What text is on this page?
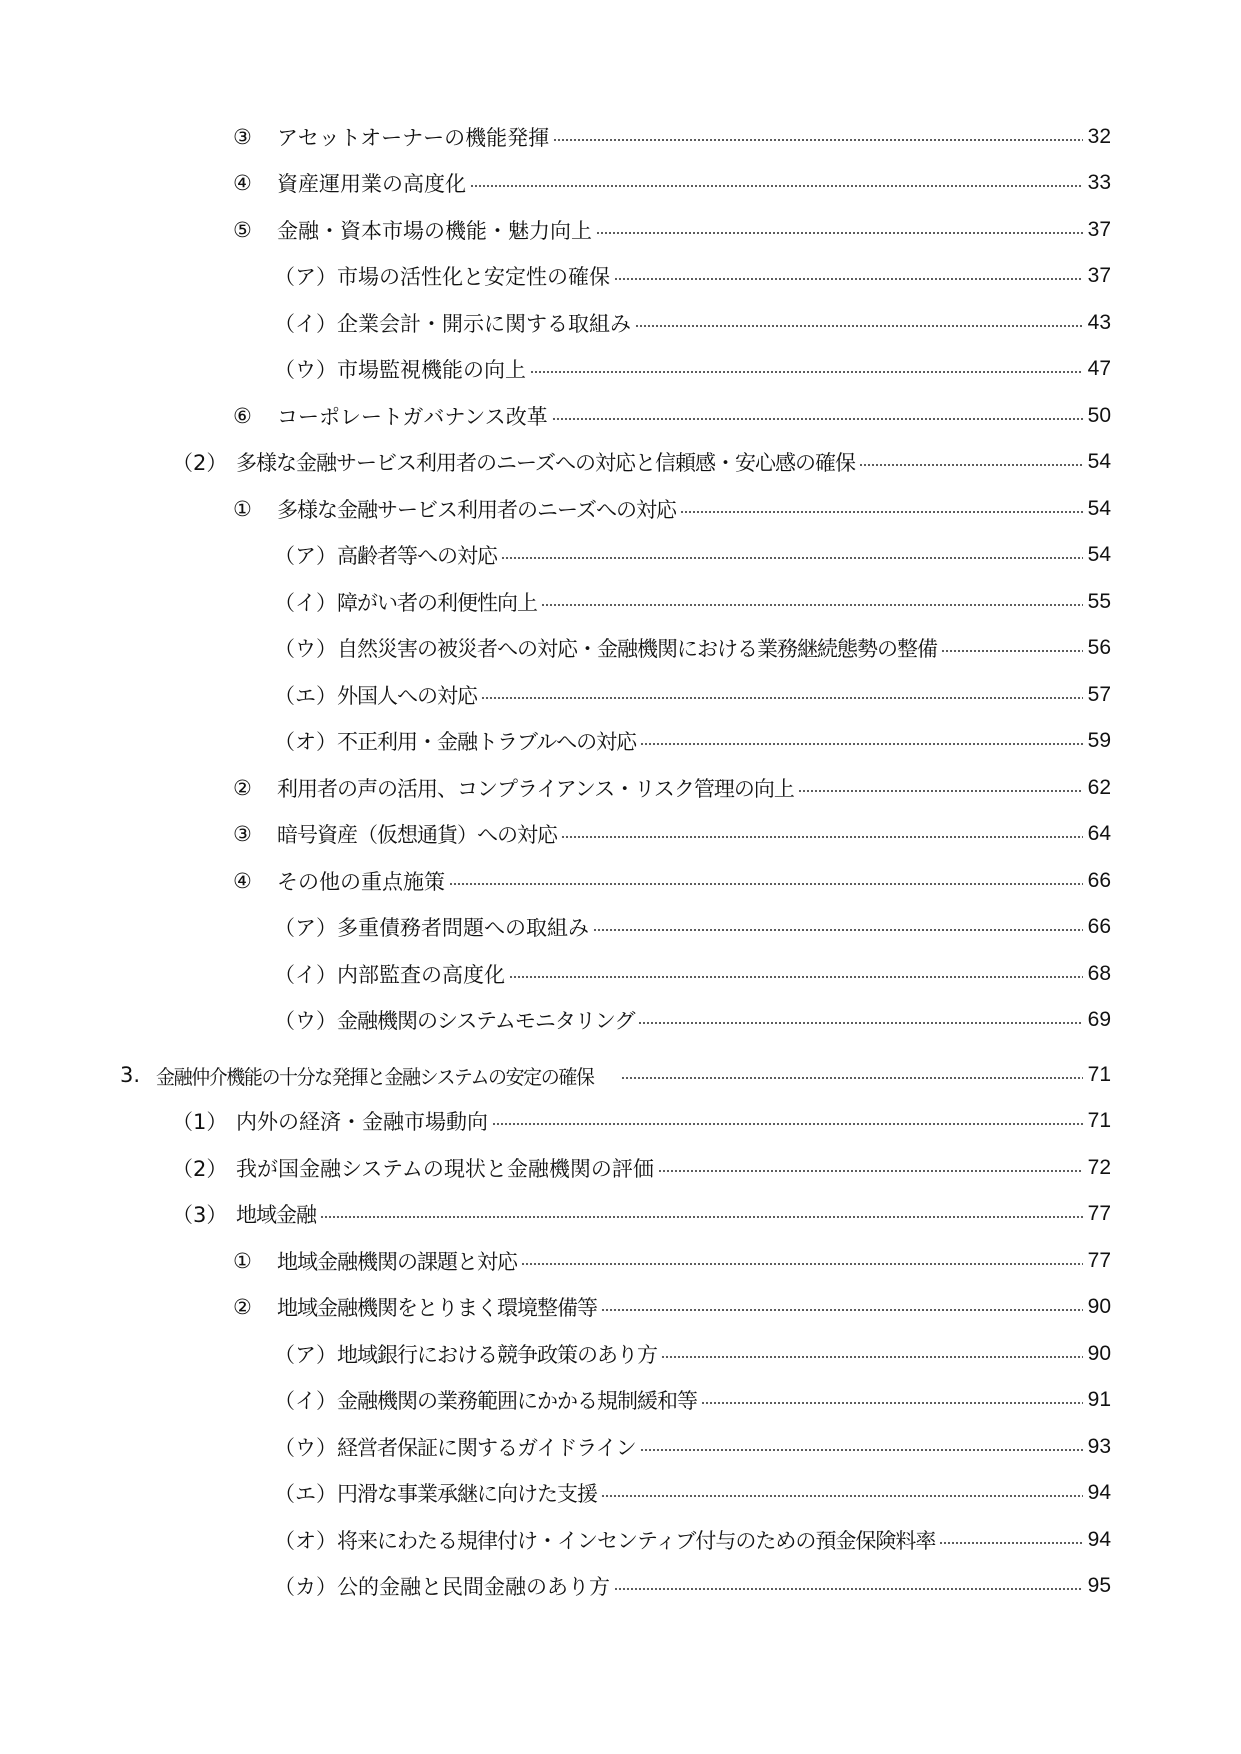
③	アセットオーナーの機能発揮	32
④	資産運用業の高度化	33
⑤	金融・資本市場の機能・魅力向上	37
（ア） 市場の活性化と安定性の確保	37
（イ） 企業会計・開示に関する取組み	43
（ウ） 市場監視機能の向上	47
⑥	コーポレートガバナンス改革	50
（2） 多様な金融サービス利用者のニーズへの対応と信頼感・安心感の確保	54
①	多様な金融サービス利用者のニーズへの対応	54
（ア） 高齢者等への対応	54
（イ） 障がい者の利便性向上	55
（ウ） 自然災害の被災者への対応・金融機関における業務継続態勢の整備	56
（エ） 外国人への対応	57
（オ） 不正利用・金融トラブルへの対応	59
②	利用者の声の活用、コンプライアンス・リスク管理の向上	62
③	暗号資産（仮想通貨）への対応	64
④	その他の重点施策	66
（ア） 多重債務者問題への取組み	66
（イ） 内部監査の高度化	68
（ウ） 金融機関のシステムモニタリング	69
3. 金融仲介機能の十分な発揮と金融システムの安定の確保	71
（1） 内外の経済・金融市場動向	71
（2） 我が国金融システムの現状と金融機関の評価	72
（3） 地域金融	77
①	地域金融機関の課題と対応	77
②	地域金融機関をとりまく環境整備等	90
（ア） 地域銀行における競争政策のあり方	90
（イ） 金融機関の業務範囲にかかる規制緩和等	91
（ウ） 経営者保証に関するガイドライン	93
（エ） 円滑な事業承継に向けた支援	94
（オ） 将来にわたる規律付け・インセンティブ付与のための預金保険料率	94
（カ） 公的金融と民間金融のあり方	95
